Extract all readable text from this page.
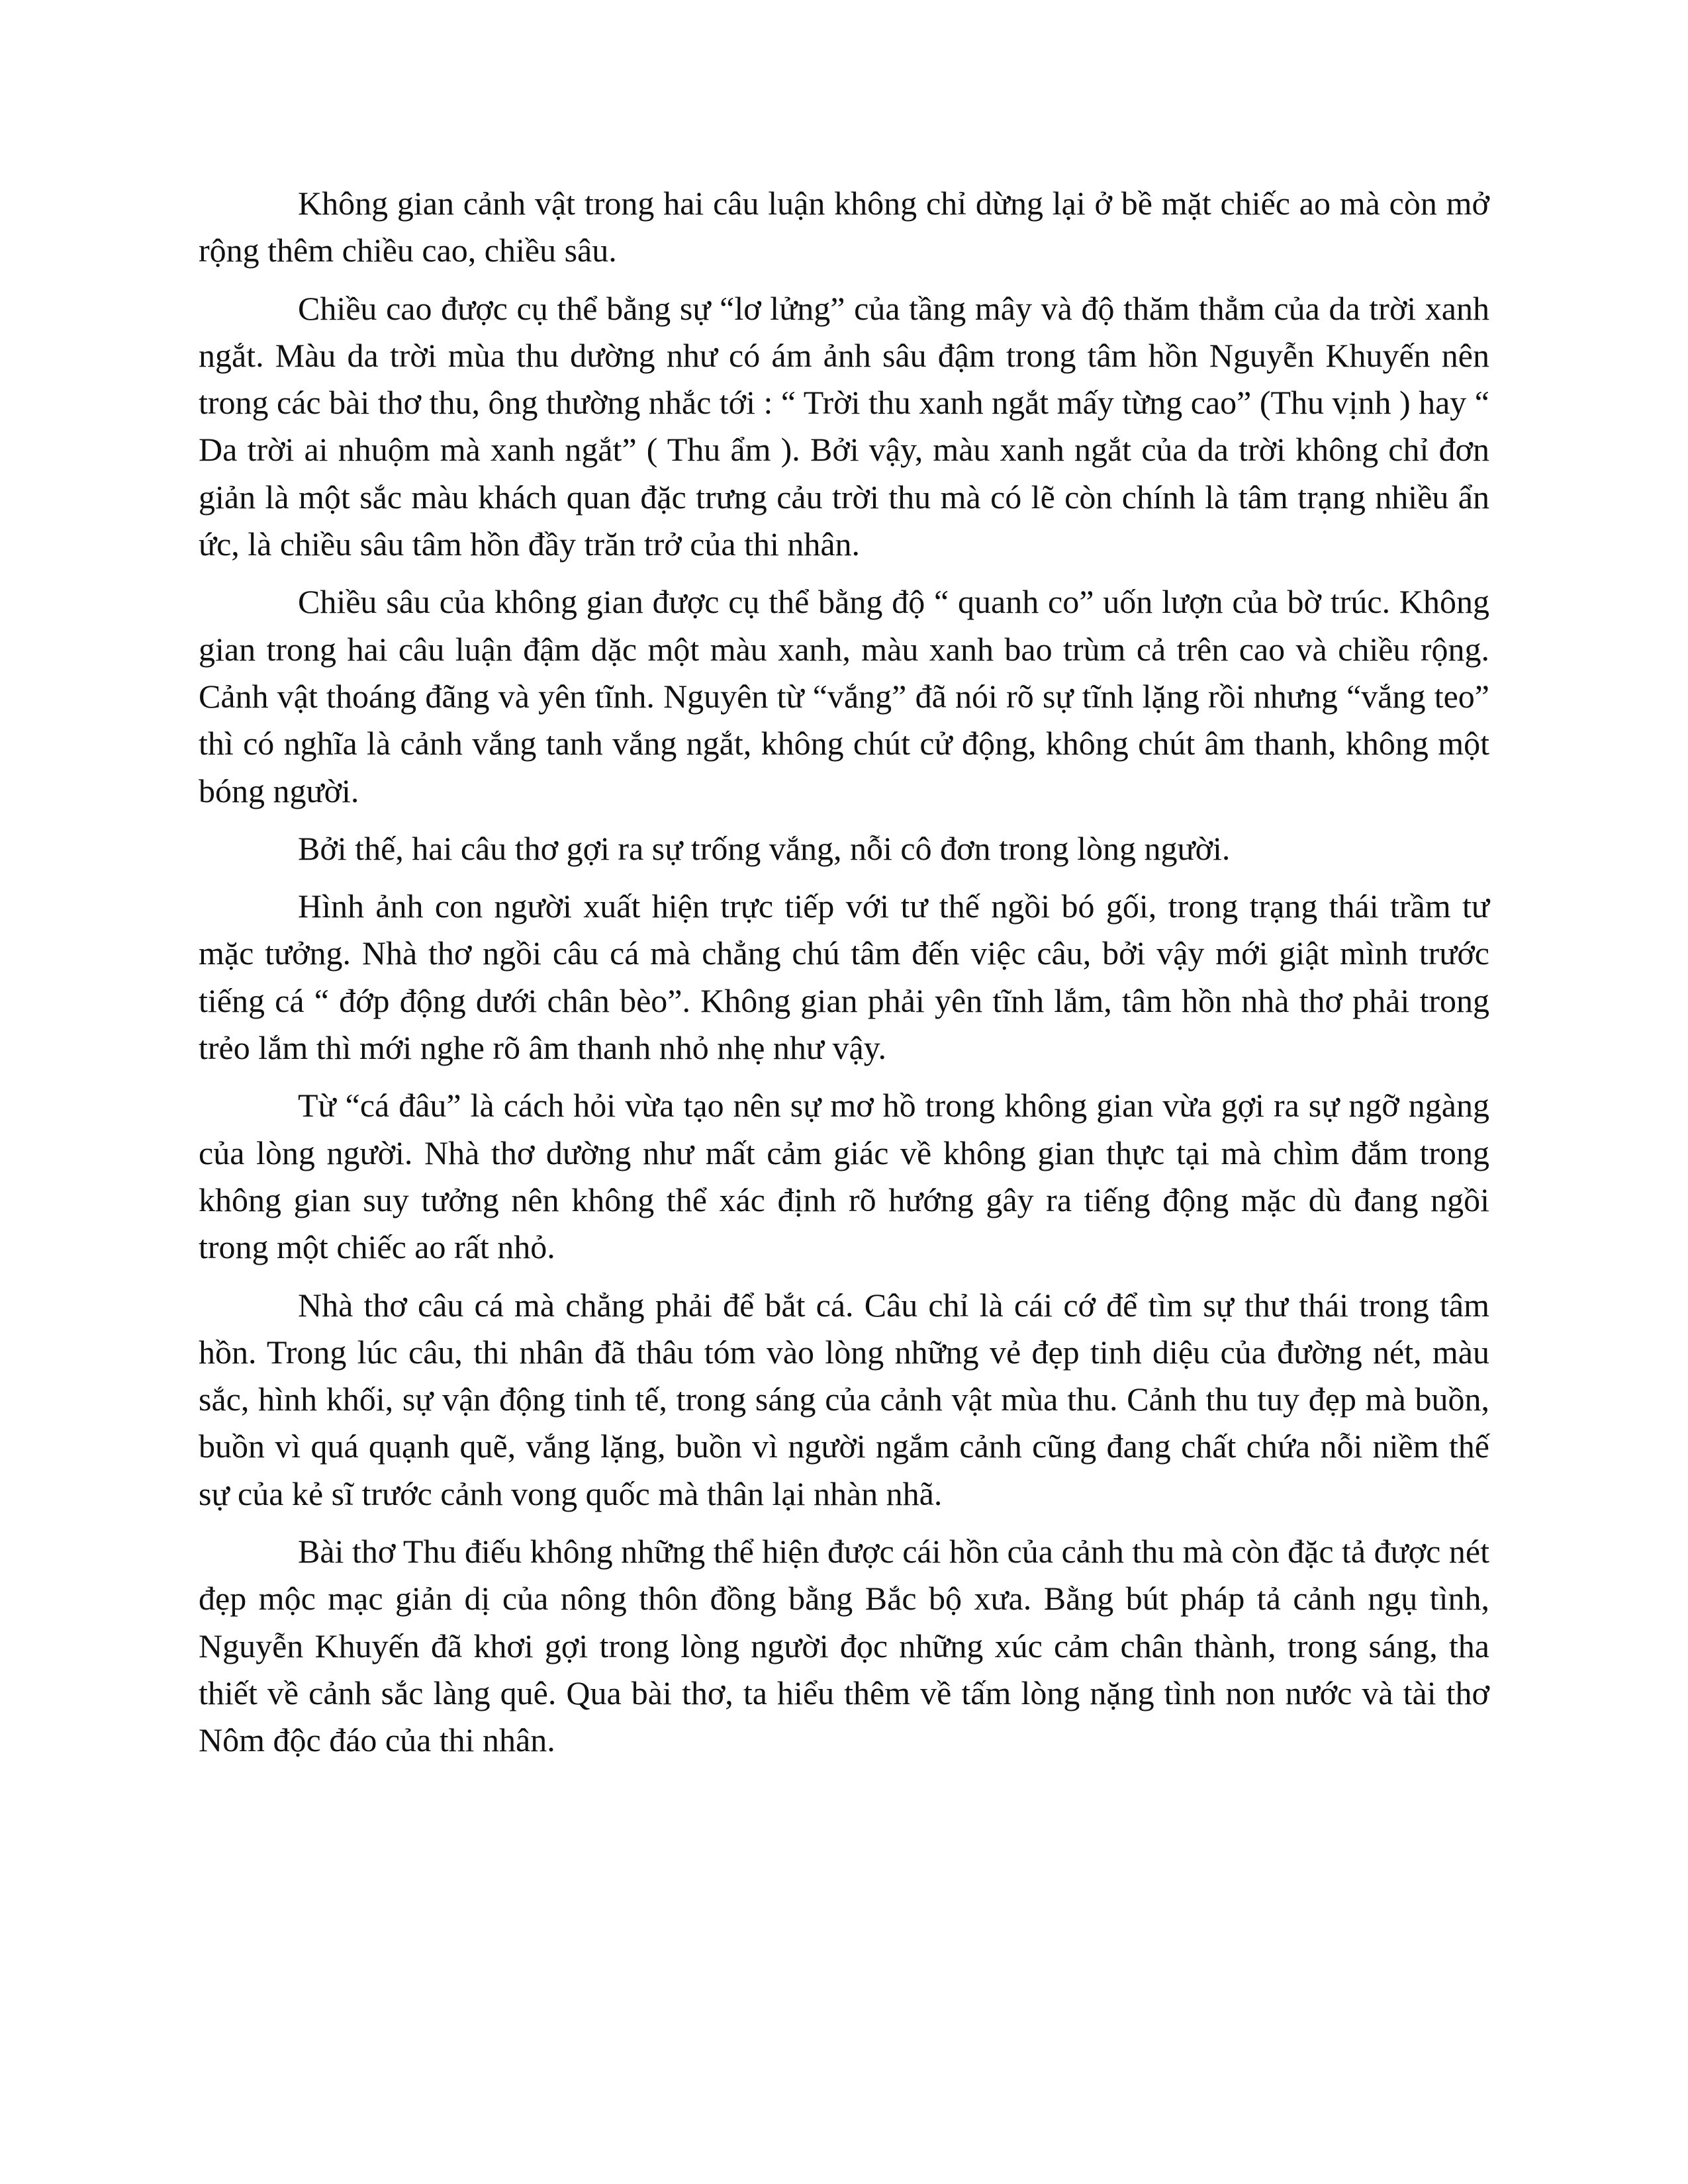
Không gian cảnh vật trong hai câu luận không chỉ dừng lại ở bề mặt chiếc ao mà còn mở rộng thêm chiều cao, chiều sâu.

Chiều cao được cụ thể bằng sự “lơ lửng” của tầng mây và độ thăm thẳm của da trời xanh ngắt. Màu da trời mùa thu dường như có ám ảnh sâu đậm trong tâm hồn Nguyễn Khuyến nên trong các bài thơ thu, ông thường nhắc tới : “ Trời thu xanh ngắt mấy từng cao” (Thu vịnh ) hay “ Da trời ai nhuộm mà xanh ngắt” ( Thu ẩm ). Bởi vậy, màu xanh ngắt của da trời không chỉ đơn giản là một sắc màu khách quan đặc trưng cảu trời thu mà có lẽ còn chính là tâm trạng nhiều ẩn ức, là chiều sâu tâm hồn đầy trăn trở của thi nhân.

Chiều sâu của không gian được cụ thể bằng độ “ quanh co” uốn lượn của bờ trúc. Không gian trong hai câu luận đậm dặc một màu xanh, màu xanh bao trùm cả trên cao và chiều rộng. Cảnh vật thoáng đãng và yên tĩnh. Nguyên từ “vắng” đã nói rõ sự tĩnh lặng rồi nhưng “vắng teo” thì có nghĩa là cảnh vắng tanh vắng ngắt, không chút cử động, không chút âm thanh, không một bóng người.

Bởi thế, hai câu thơ gợi ra sự trống vắng, nỗi cô đơn trong lòng người.

Hình ảnh con người xuất hiện trực tiếp với tư thế ngồi bó gối, trong trạng thái trầm tư mặc tưởng. Nhà thơ ngồi câu cá mà chẳng chú tâm đến việc câu, bởi vậy mới giật mình trước tiếng cá “ đớp động dưới chân bèo”. Không gian phải yên tĩnh lắm, tâm hồn nhà thơ phải trong trẻo lắm thì mới nghe rõ âm thanh nhỏ nhẹ như vậy.

Từ “cá đâu” là cách hỏi vừa tạo nên sự mơ hồ trong không gian vừa gợi ra sự ngỡ ngàng của lòng người. Nhà thơ dường như mất cảm giác về không gian thực tại mà chìm đắm trong không gian suy tưởng nên không thể xác định rõ hướng gây ra tiếng động mặc dù đang ngồi trong một chiếc ao rất nhỏ.

Nhà thơ câu cá mà chẳng phải để bắt cá. Câu chỉ là cái cớ để tìm sự thư thái trong tâm hồn. Trong lúc câu, thi nhân đã thâu tóm vào lòng những vẻ đẹp tinh diệu của đường nét, màu sắc, hình khối, sự vận động tinh tế, trong sáng của cảnh vật mùa thu. Cảnh thu tuy đẹp mà buồn, buồn vì quá quạnh quẽ, vắng lặng, buồn vì người ngắm cảnh cũng đang chất chứa nỗi niềm thế sự của kẻ sĩ trước cảnh vong quốc mà thân lại nhàn nhã.

Bài thơ Thu điếu không những thể hiện được cái hồn của cảnh thu mà còn đặc tả được nét đẹp mộc mạc giản dị của nông thôn đồng bằng Bắc bộ xưa. Bằng bút pháp tả cảnh ngụ tình, Nguyễn Khuyến đã khơi gợi trong lòng người đọc những xúc cảm chân thành, trong sáng, tha thiết về cảnh sắc làng quê. Qua bài thơ, ta hiểu thêm về tấm lòng nặng tình non nước và tài thơ Nôm độc đáo của thi nhân.
